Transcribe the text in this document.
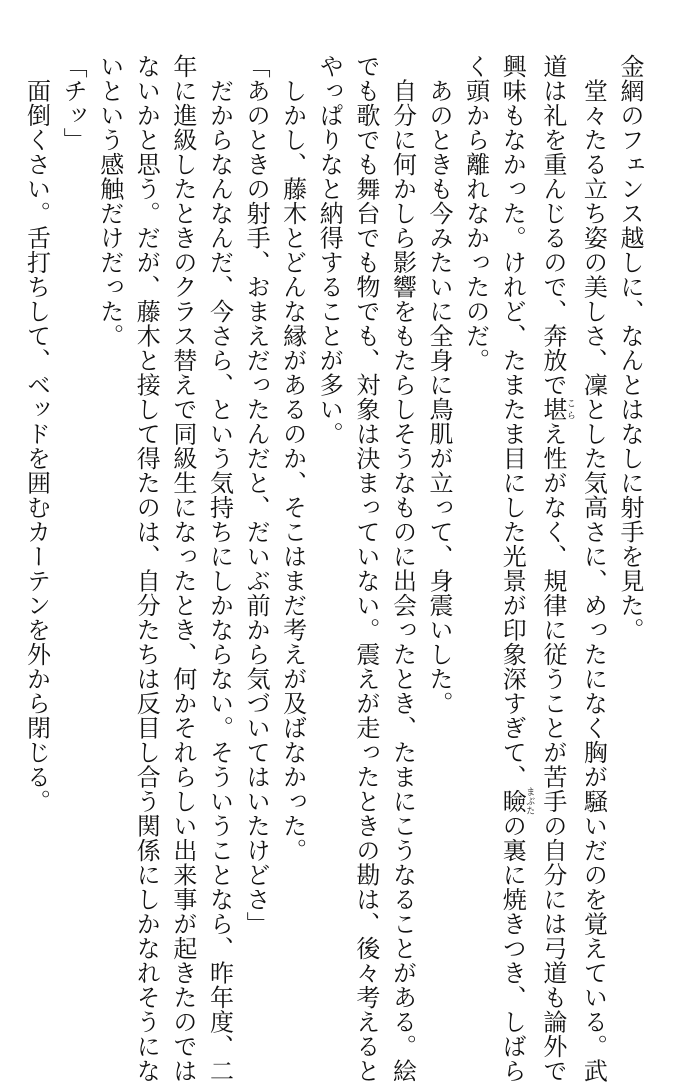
金網のフェンス越しに、なんとはなしに射手を見た。
　堂々たる立ち姿の美しさ、凜とした気高さに、めったになく胸が騒いだのを覚えている。武
道は礼を重んじるので、奔放で堪こらえ性がなく、規律に従うことが苦手の自分には弓道も論外で
興味もなかった。けれど、たまたま目にした光景が印象深すぎて、瞼まぶたの裏に焼きつき、しばら
く頭から離れなかったのだ。
　あのときも今みたいに全身に鳥肌が立って、身震いした。
　自分に何かしら影響をもたらしそうなものに出会ったとき、たまにこうなることがある。絵
でも歌でも舞台でも物でも、対象は決まっていない。震えが走ったときの勘は、後々考えると
やっぱりなと納得することが多い。
　しかし、藤木とどんな縁があるのか、そこはまだ考えが及ばなかった。
「あのときの射手、おまえだったんだと、だいぶ前から気づいてはいたけどさ」
　だからなんなんだ、今さら、という気持ちにしかならない。そういうことなら、昨年度、二
年に進級したときのクラス替えで同級生になったとき、何かそれらしい出来事が起きたのでは
ないかと思う。だが、藤木と接して得たのは、自分たちは反目し合う関係にしかなれそうにな
いという感触だけだった。
「チッ」
　面倒くさい。舌打ちして、ベッドを囲むカーテンを外から閉じる。
